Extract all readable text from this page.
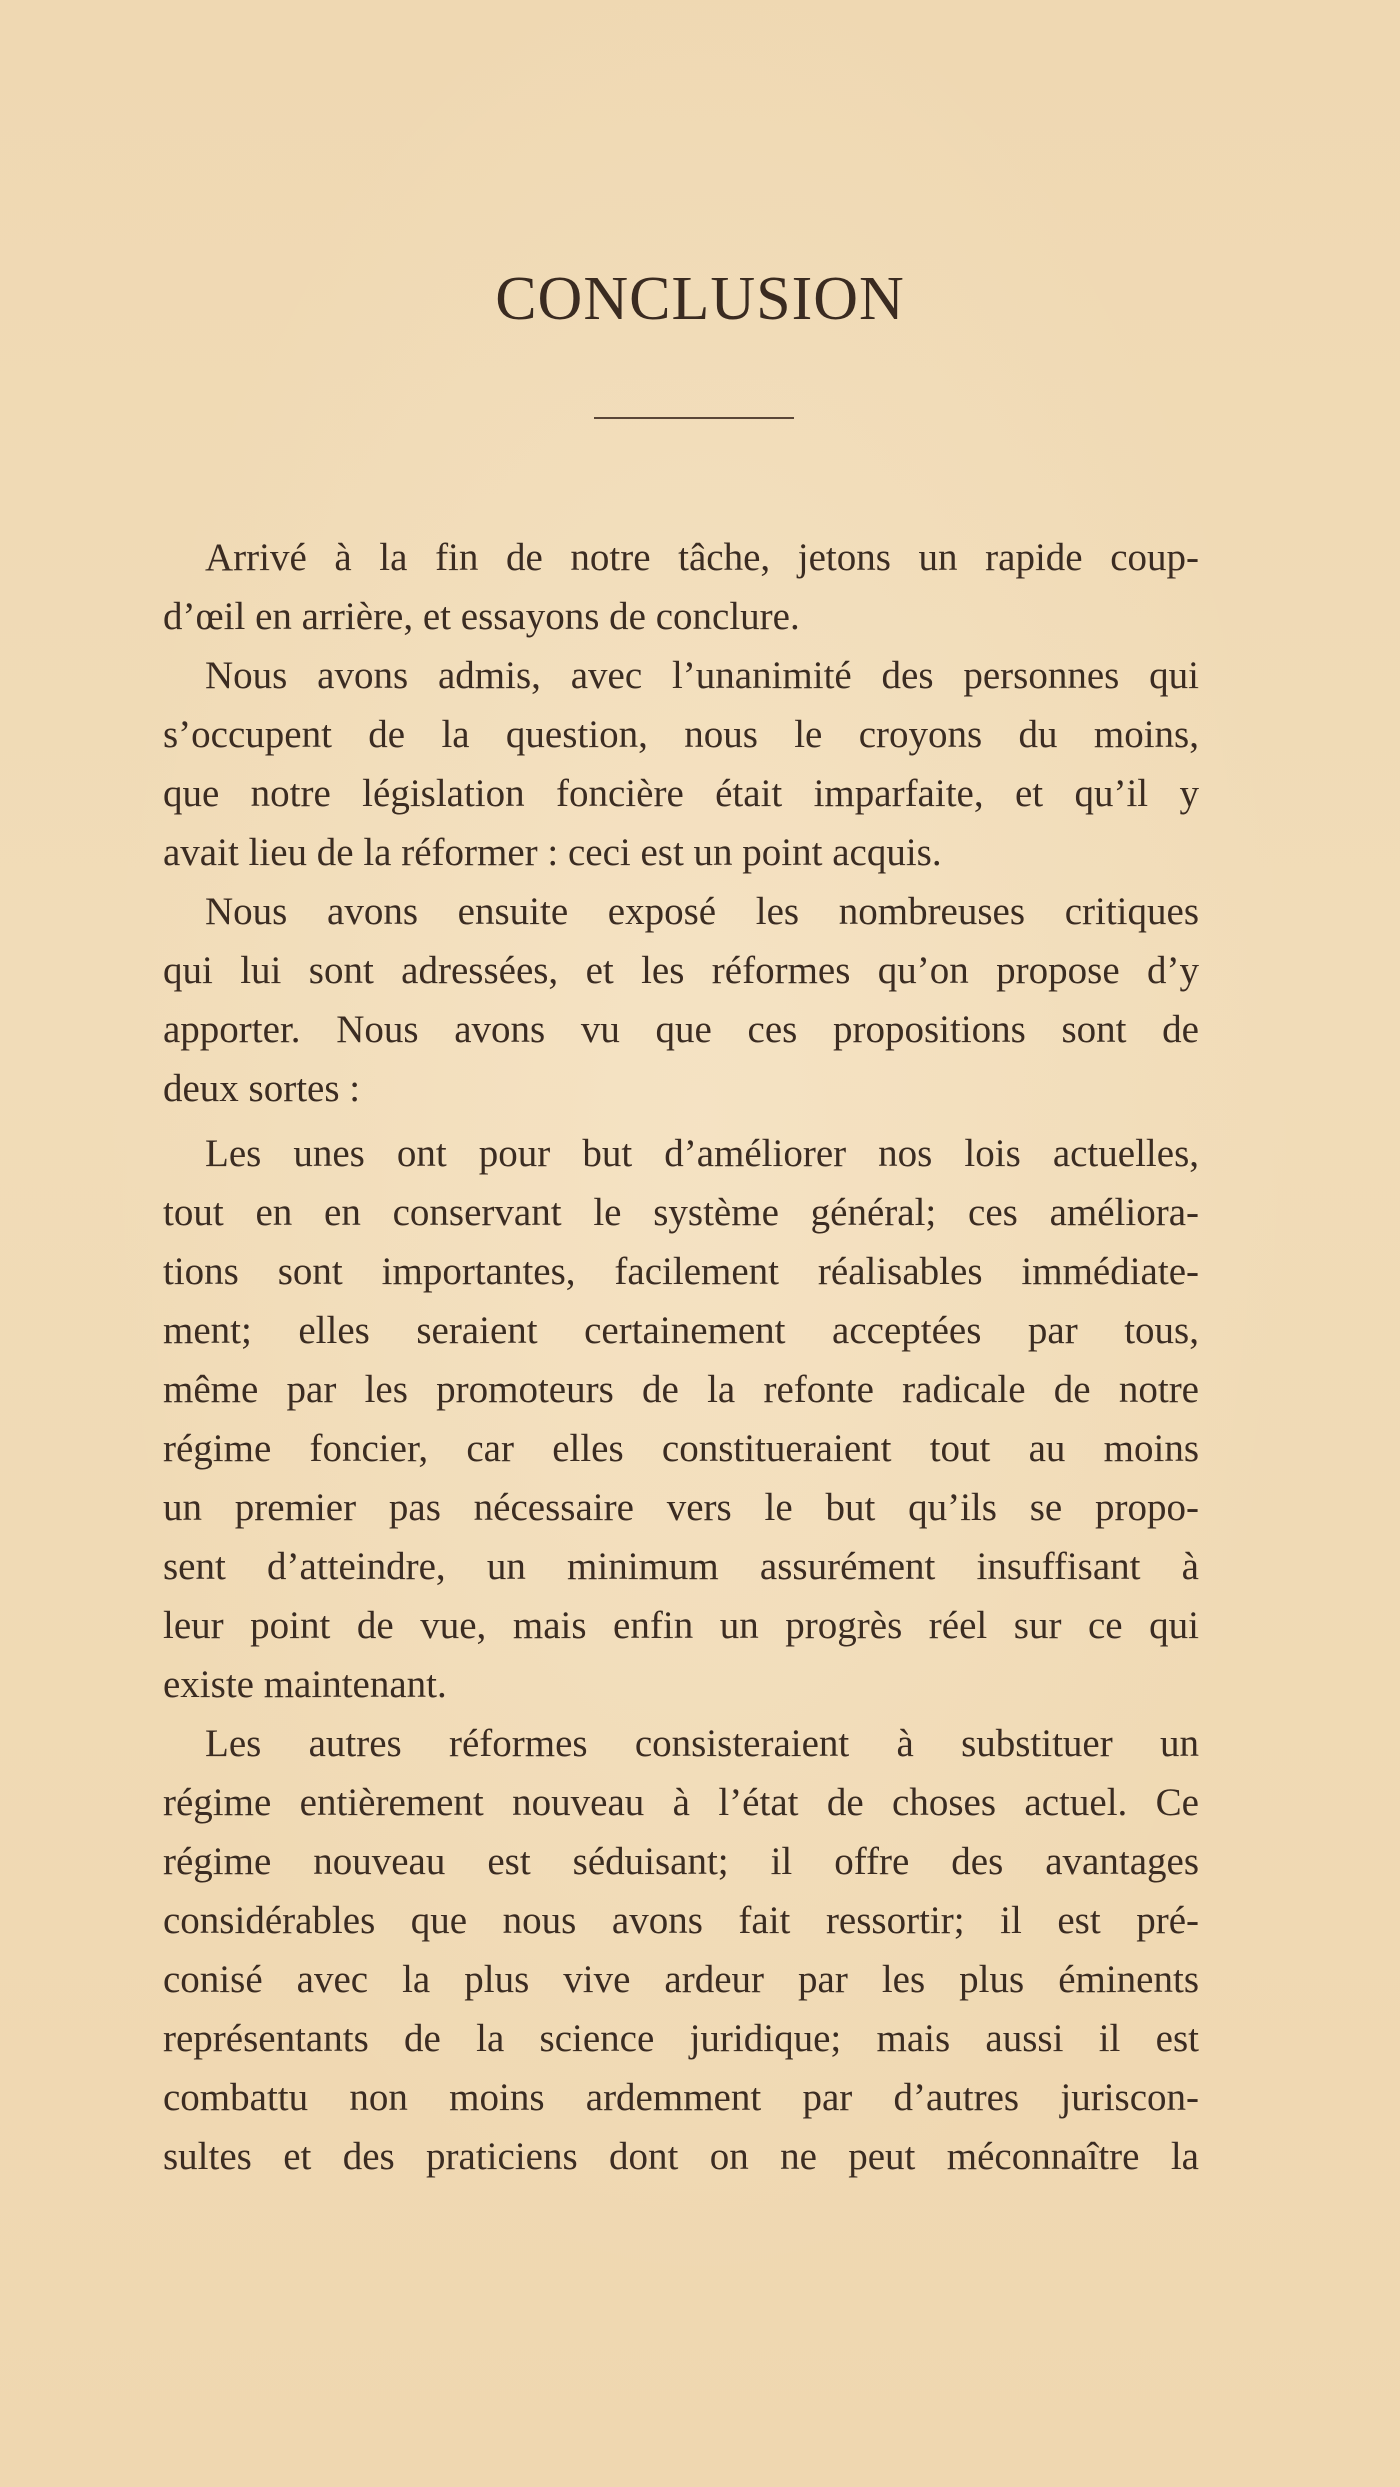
CONCLUSION
Arrivé à la fin de notre tâche, jetons un rapide coup-
d’œil en arrière, et essayons de conclure.
Nous avons admis, avec l’unanimité des personnes qui
s’occupent de la question, nous le croyons du moins,
que notre législation foncière était imparfaite, et qu’il y
avait lieu de la réformer : ceci est un point acquis.
Nous avons ensuite exposé les nombreuses critiques
qui lui sont adressées, et les réformes qu’on propose d’y
apporter. Nous avons vu que ces propositions sont de
deux sortes :
Les unes ont pour but d’améliorer nos lois actuelles,
tout en en conservant le système général; ces améliora-
tions sont importantes, facilement réalisables immédiate-
ment; elles seraient certainement acceptées par tous,
même par les promoteurs de la refonte radicale de notre
régime foncier, car elles constitueraient tout au moins
un premier pas nécessaire vers le but qu’ils se propo-
sent d’atteindre, un minimum assurément insuffisant à
leur point de vue, mais enfin un progrès réel sur ce qui
existe maintenant.
Les autres réformes consisteraient à substituer un
régime entièrement nouveau à l’état de choses actuel. Ce
régime nouveau est séduisant; il offre des avantages
considérables que nous avons fait ressortir; il est pré-
conisé avec la plus vive ardeur par les plus éminents
représentants de la science juridique; mais aussi il est
combattu non moins ardemment par d’autres juriscon-
sultes et des praticiens dont on ne peut méconnaître la
